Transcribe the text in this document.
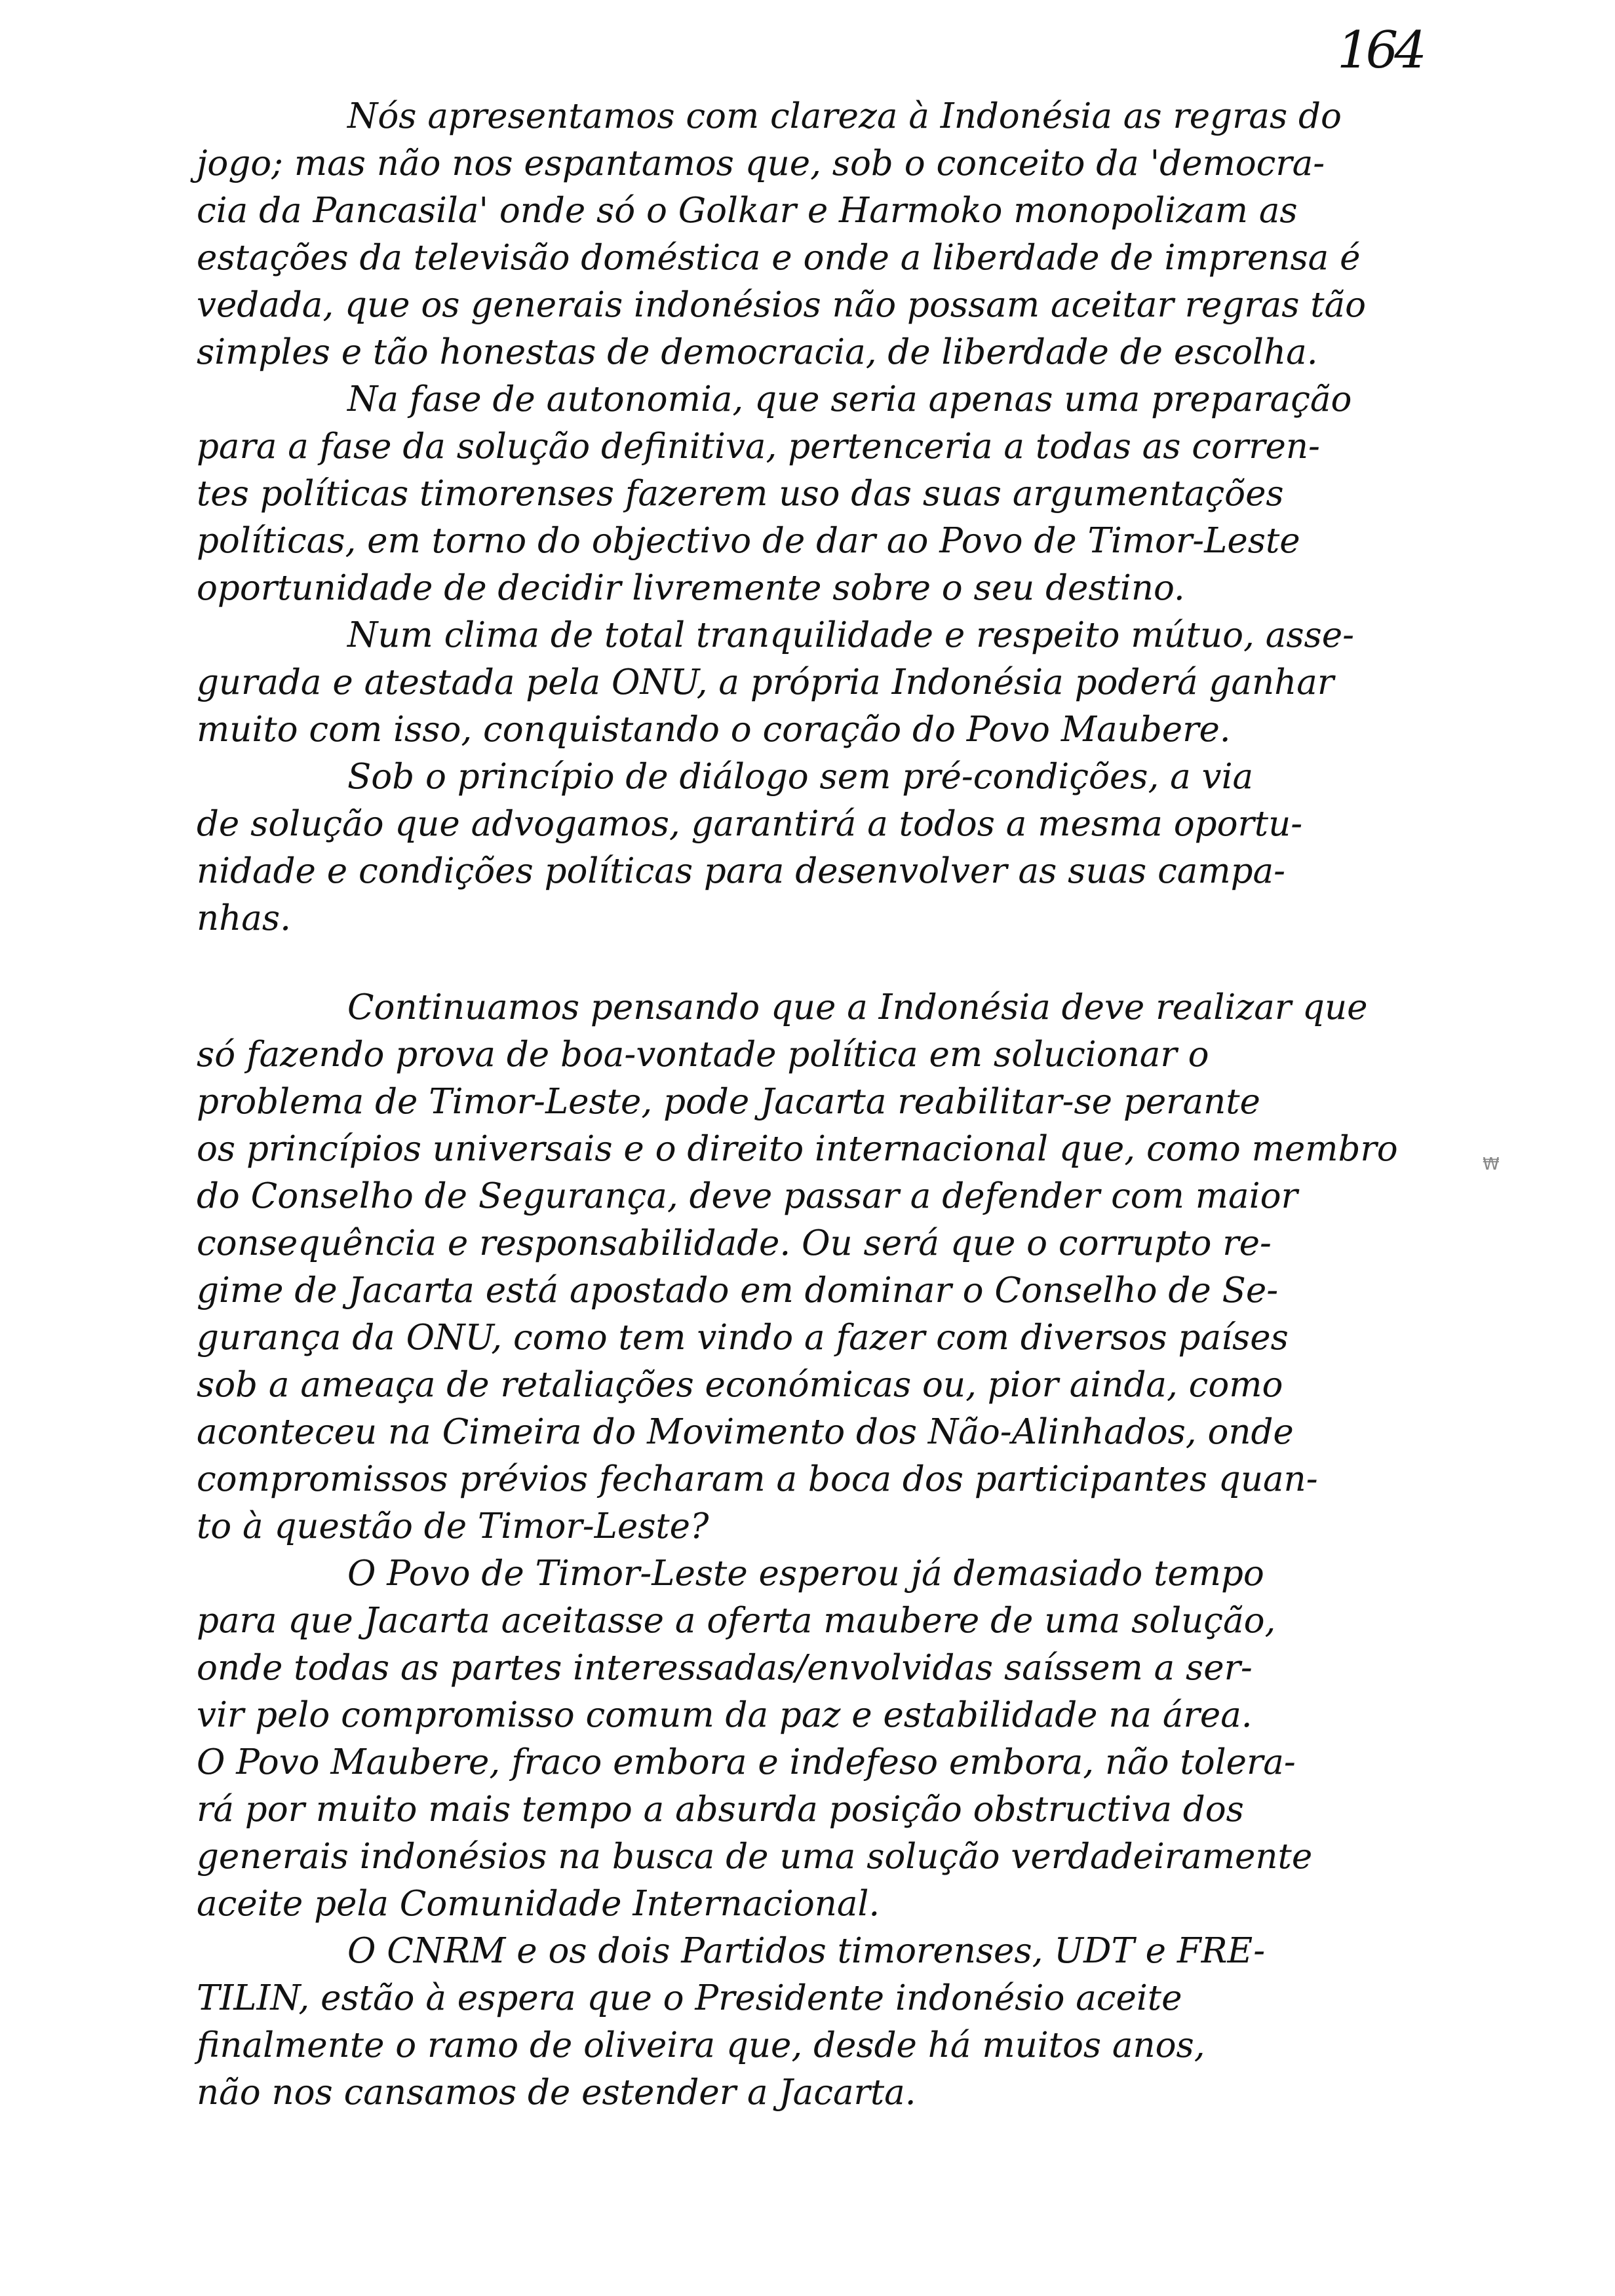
164
Nós apresentamos com clareza à Indonésia as regras do
jogo; mas não nos espantamos que, sob o conceito da 'democra-
cia da Pancasila' onde só o Golkar e Harmoko monopolizam as
estações da televisão doméstica e onde a liberdade de imprensa é
vedada, que os generais indonésios não possam aceitar regras tão
simples e tão honestas de democracia, de liberdade de escolha.
Na fase de autonomia, que seria apenas uma preparação
para a fase da solução definitiva, pertenceria a todas as corren-
tes políticas timorenses fazerem uso das suas argumentações
políticas, em torno do objectivo de dar ao Povo de Timor-Leste
oportunidade de decidir livremente sobre o seu destino.
Num clima de total tranquilidade e respeito mútuo, asse-
gurada e atestada pela ONU, a própria Indonésia poderá ganhar
muito com isso, conquistando o coração do Povo Maubere.
Sob o princípio de diálogo sem pré-condições, a via
de solução que advogamos, garantirá a todos a mesma oportu-
nidade e condições políticas para desenvolver as suas campa-
nhas.
Continuamos pensando que a Indonésia deve realizar que
só fazendo prova de boa-vontade política em solucionar o
problema de Timor-Leste, pode Jacarta reabilitar-se perante
os princípios universais e o direito internacional que, como membro
do Conselho de Segurança, deve passar a defender com maior
consequência e responsabilidade. Ou será que o corrupto re-
gime de Jacarta está apostado em dominar o Conselho de Se-
gurança da ONU, como tem vindo a fazer com diversos países
sob a ameaça de retaliações económicas ou, pior ainda, como
aconteceu na Cimeira do Movimento dos Não-Alinhados, onde
compromissos prévios fecharam a boca dos participantes quan-
to à questão de Timor-Leste?
O Povo de Timor-Leste esperou já demasiado tempo
para que Jacarta aceitasse a oferta maubere de uma solução,
onde todas as partes interessadas/envolvidas saíssem a ser-
vir pelo compromisso comum da paz e estabilidade na área.
O Povo Maubere, fraco embora e indefeso embora, não tolera-
rá por muito mais tempo a absurda posição obstructiva dos
generais indonésios na busca de uma solução verdadeiramente
aceite pela Comunidade Internacional.
O CNRM e os dois Partidos timorenses, UDT e FRE-
TILIN, estão à espera que o Presidente indonésio aceite
finalmente o ramo de oliveira que, desde há muitos anos,
não nos cansamos de estender a Jacarta.
₩
